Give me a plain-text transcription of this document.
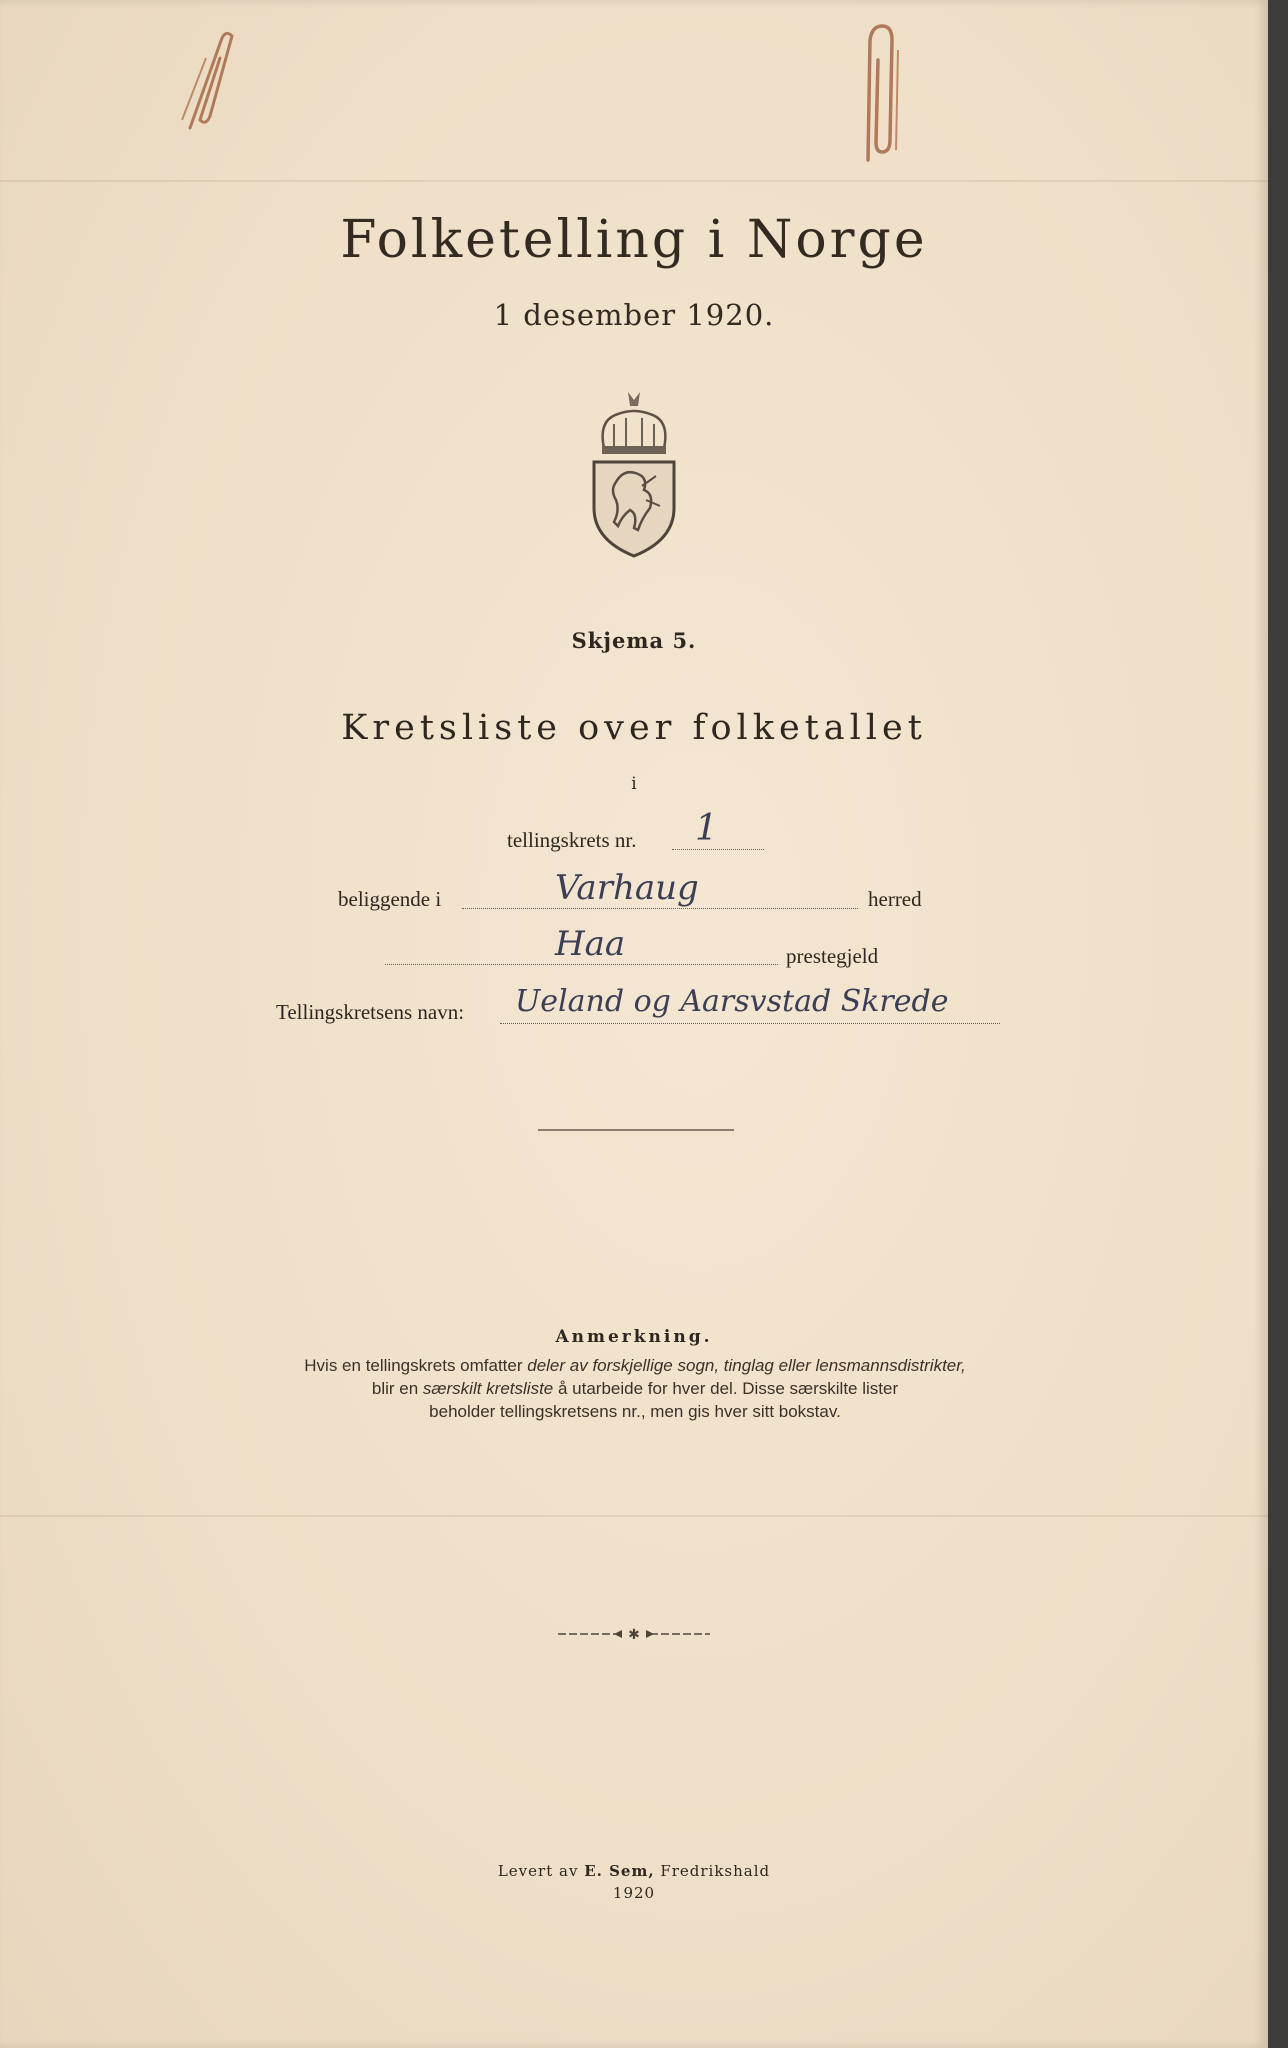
Folketelling i Norge
1 desember 1920.
Skjema 5.
Kretsliste over folketallet
i
tellingskrets nr. 1
beliggende i	Varhaug	herred
Haa	prestegjeld
Tellingskretsens navn: Ueland og Aarsvstad Skrede
Anmerkning.
Hvis en tellingskrets omfatter deler av forskjellige sogn, tinglag eller lensmannsdistrikter,
blir en særskilt kretsliste å utarbeide for hver del. Disse særskilte lister
beholder tellingskretsens nr., men gis hver sitt bokstav.
✱
Levert av E. Sem, Fredrikshald
1920
